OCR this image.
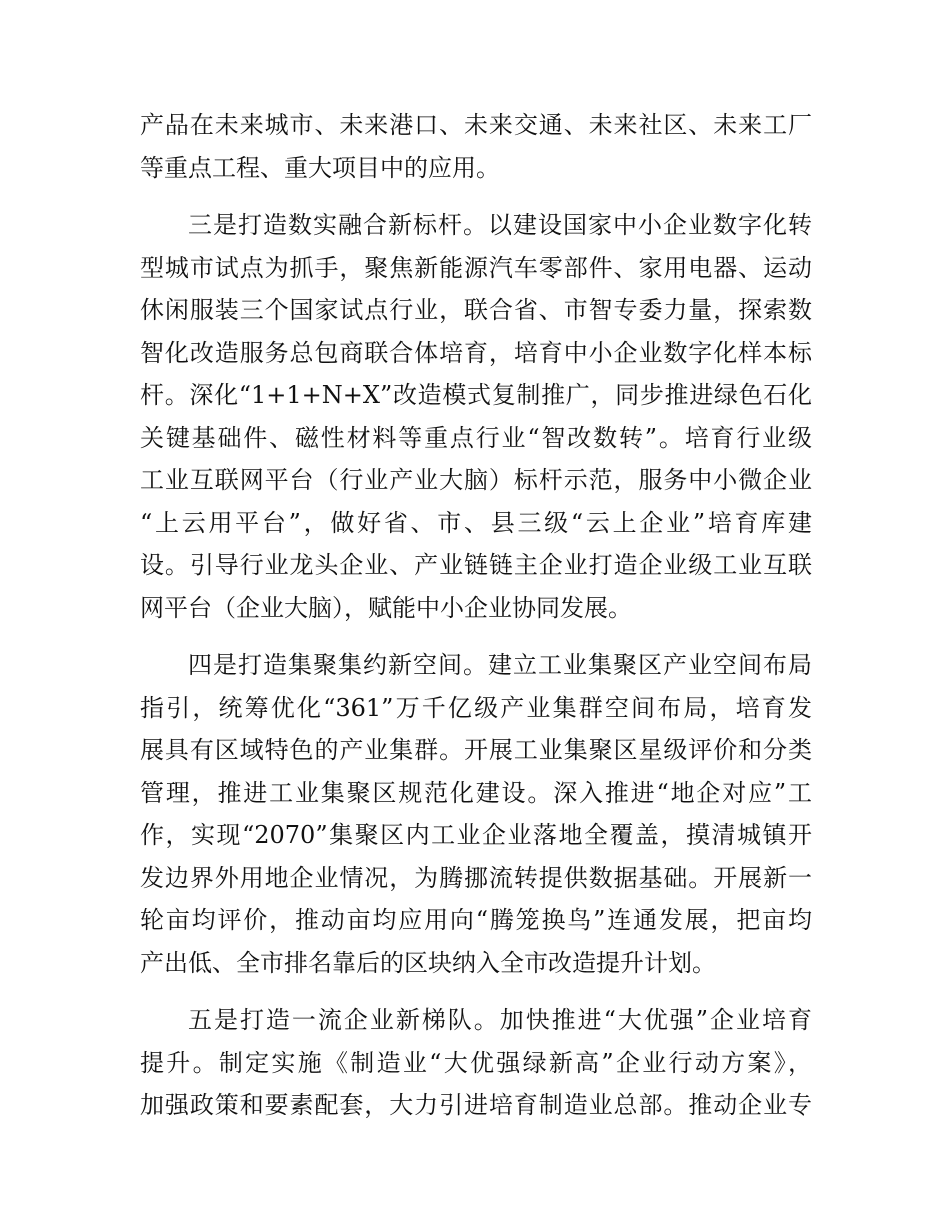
产品在未来城市、未来港口、未来交通、未来社区、未来工厂
等重点工程、重大项目中的应用。

三是打造数实融合新标杆。以建设国家中小企业数字化转
型城市试点为抓手，聚焦新能源汽车零部件、家用电器、运动
休闲服装三个国家试点行业，联合省、市智专委力量，探索数
智化改造服务总包商联合体培育，培育中小企业数字化样本标
杆。深化“1+1+N+X”改造模式复制推广，同步推进绿色石化
关键基础件、磁性材料等重点行业“智改数转”。培育行业级
工业互联网平台（行业产业大脑）标杆示范，服务中小微企业
“上云用平台”，做好省、市、县三级“云上企业”培育库建
设。引导行业龙头企业、产业链链主企业打造企业级工业互联
网平台（企业大脑），赋能中小企业协同发展。

四是打造集聚集约新空间。建立工业集聚区产业空间布局
指引，统筹优化“361”万千亿级产业集群空间布局，培育发
展具有区域特色的产业集群。开展工业集聚区星级评价和分类
管理，推进工业集聚区规范化建设。深入推进“地企对应”工
作，实现“2070”集聚区内工业企业落地全覆盖，摸清城镇开
发边界外用地企业情况，为腾挪流转提供数据基础。开展新一
轮亩均评价，推动亩均应用向“腾笼换鸟”连通发展，把亩均
产出低、全市排名靠后的区块纳入全市改造提升计划。

五是打造一流企业新梯队。加快推进“大优强”企业培育
提升。制定实施《制造业“大优强绿新高”企业行动方案》，
加强政策和要素配套，大力引进培育制造业总部。推动企业专
